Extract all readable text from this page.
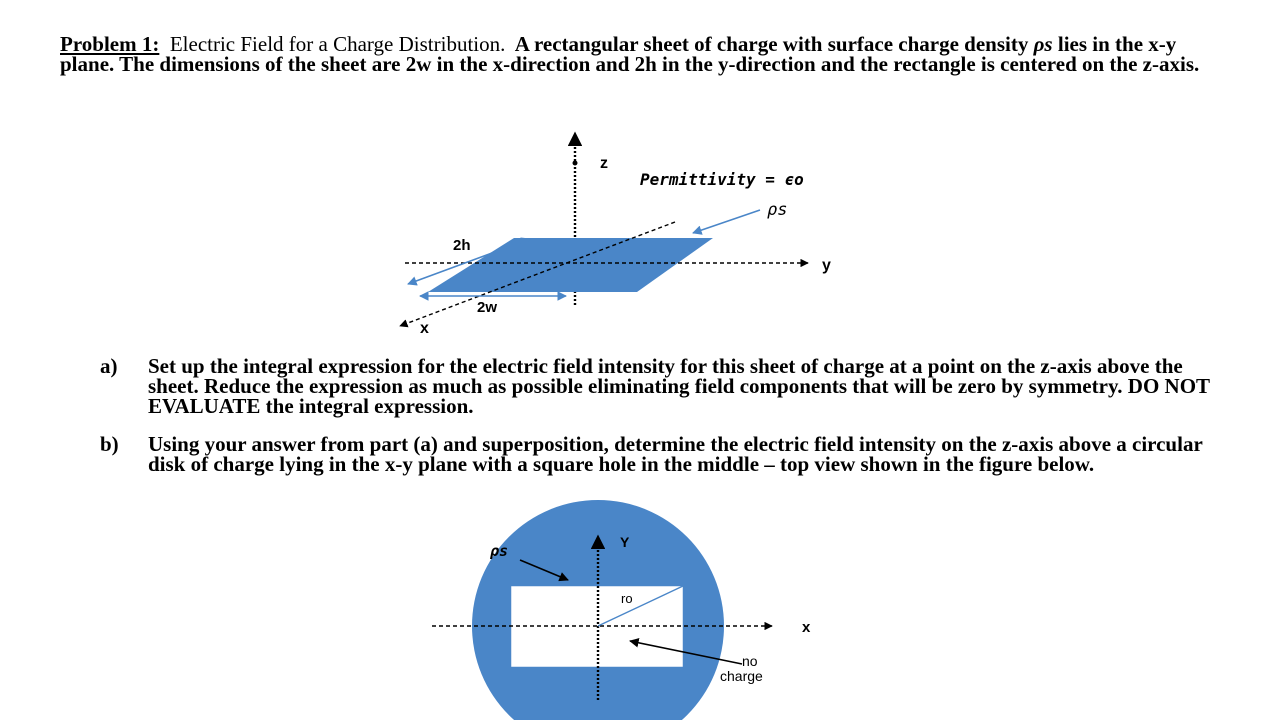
Problem 1: Electric Field for a Charge Distribution. A rectangular sheet of charge with surface charge density ρs lies in the x-y plane. The dimensions of the sheet are 2w in the x-direction and 2h in the y-direction and the rectangle is centered on the z-axis.
a)	Set up the integral expression for the electric field intensity for this sheet of charge at a point on the z-axis above the sheet. Reduce the expression as much as possible eliminating field components that will be zero by symmetry. DO NOT EVALUATE the integral expression.
b)	Using your answer from part (a) and superposition, determine the electric field intensity on the z-axis above a circular disk of charge lying in the x-y plane with a square hole in the middle – top view shown in the figure below.
z
y
x
2h
2w
ρs
Permittivity = ϵo
x
Y
ro
ρs
no
charge
